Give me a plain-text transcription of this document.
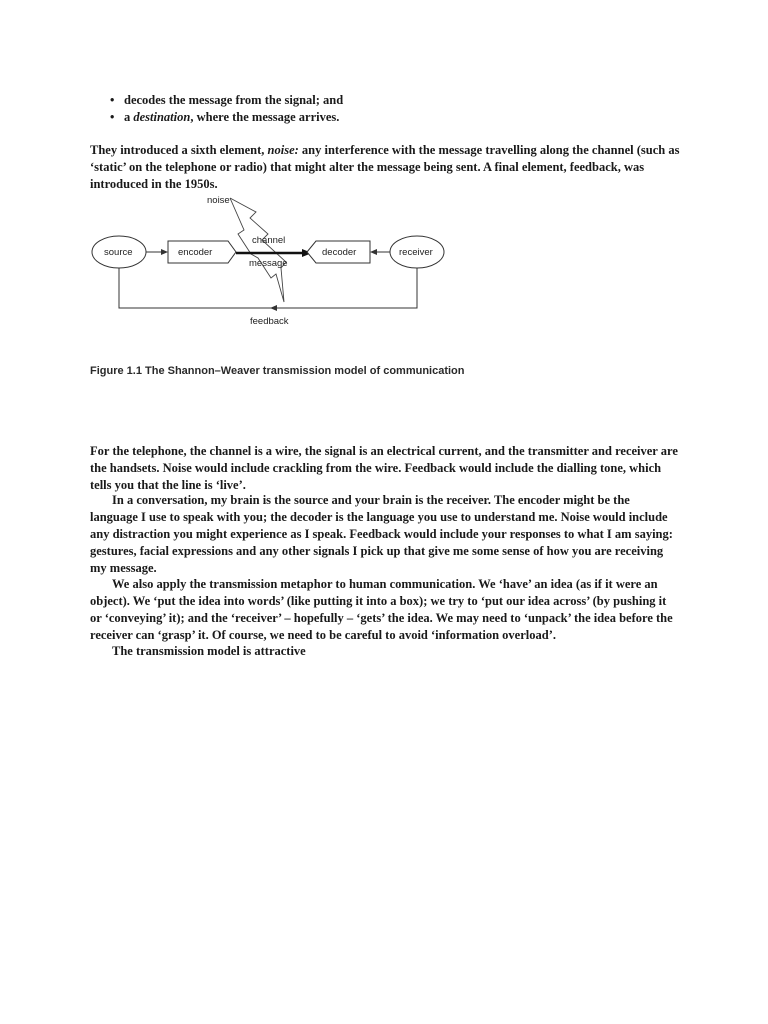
• decodes the message from the signal; and
• a destination, where the message arrives.

They introduced a sixth element, noise: any interference with the message travelling along the channel (such as ‘static’ on the telephone or radio) that might alter the message being sent. A final element, feedback, was introduced in the 1950s.

noise
source	encoder
channel
message
decoder	receiver
feedback

Figure 1.1 The Shannon–Weaver transmission model of communication

For the telephone, the channel is a wire, the signal is an electrical current, and the transmitter and receiver are the handsets. Noise would include crackling from the wire. Feedback would include the dialling tone, which tells you that the line is ‘live’.

In a conversation, my brain is the source and your brain is the receiver. The encoder might be the language I use to speak with you; the decoder is the language you use to understand me. Noise would include any distraction you might experience as I speak. Feedback would include your responses to what I am saying: gestures, facial expressions and any other signals I pick up that give me some sense of how you are receiving my message.

We also apply the transmission metaphor to human communication. We ‘have’ an idea (as if it were an object). We ‘put the idea into words’ (like putting it into a box); we try to ‘put our idea across’ (by pushing it or ‘conveying’ it); and the ‘receiver’ – hopefully – ‘gets’ the idea. We may need to ‘unpack’ the idea before the receiver can ‘grasp’ it. Of course, we need to be careful to avoid ‘information overload’.

The transmission model is attractive
